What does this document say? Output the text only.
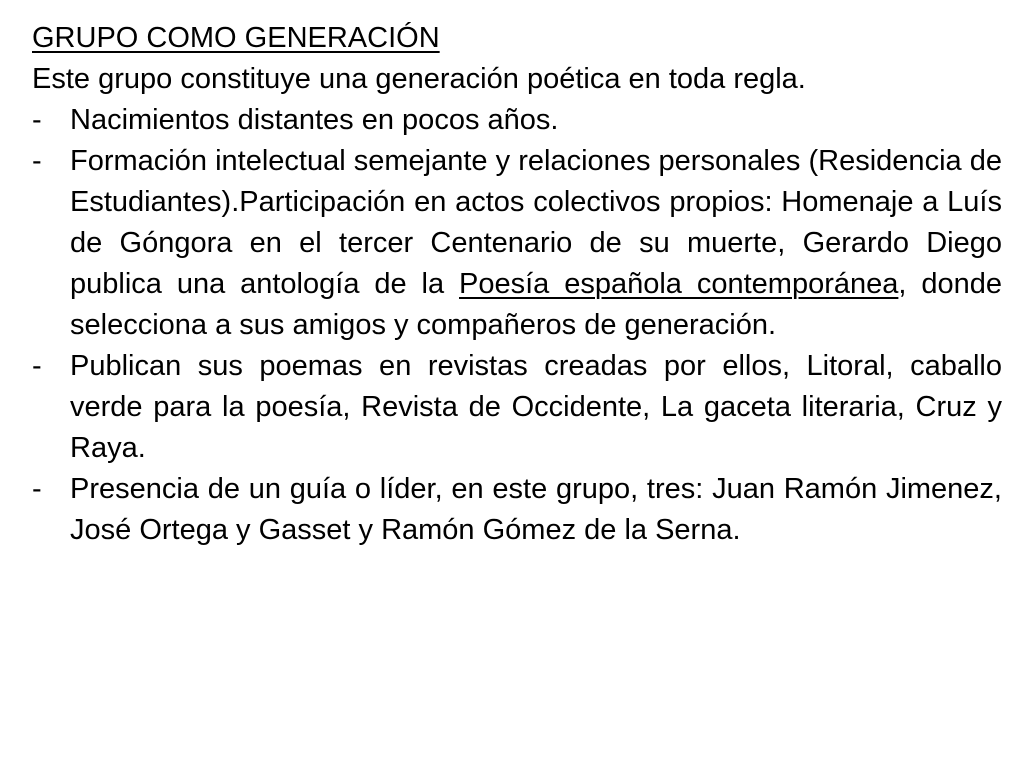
GRUPO COMO GENERACIÓN

Este grupo constituye una generación poética en toda regla.

- Nacimientos distantes en pocos años.
- Formación intelectual semejante y relaciones personales (Residencia de Estudiantes).Participación en actos colectivos propios: Homenaje a Luís de Góngora en el tercer Centenario de su muerte, Gerardo Diego publica una antología de la Poesía española contemporánea, donde selecciona a sus amigos y compañeros de generación.
- Publican sus poemas en revistas creadas por ellos, Litoral, caballo verde para la poesía, Revista de Occidente, La gaceta literaria, Cruz y Raya.
- Presencia de un guía o líder, en este grupo, tres: Juan Ramón Jimenez, José Ortega y Gasset y Ramón Gómez de la Serna.
